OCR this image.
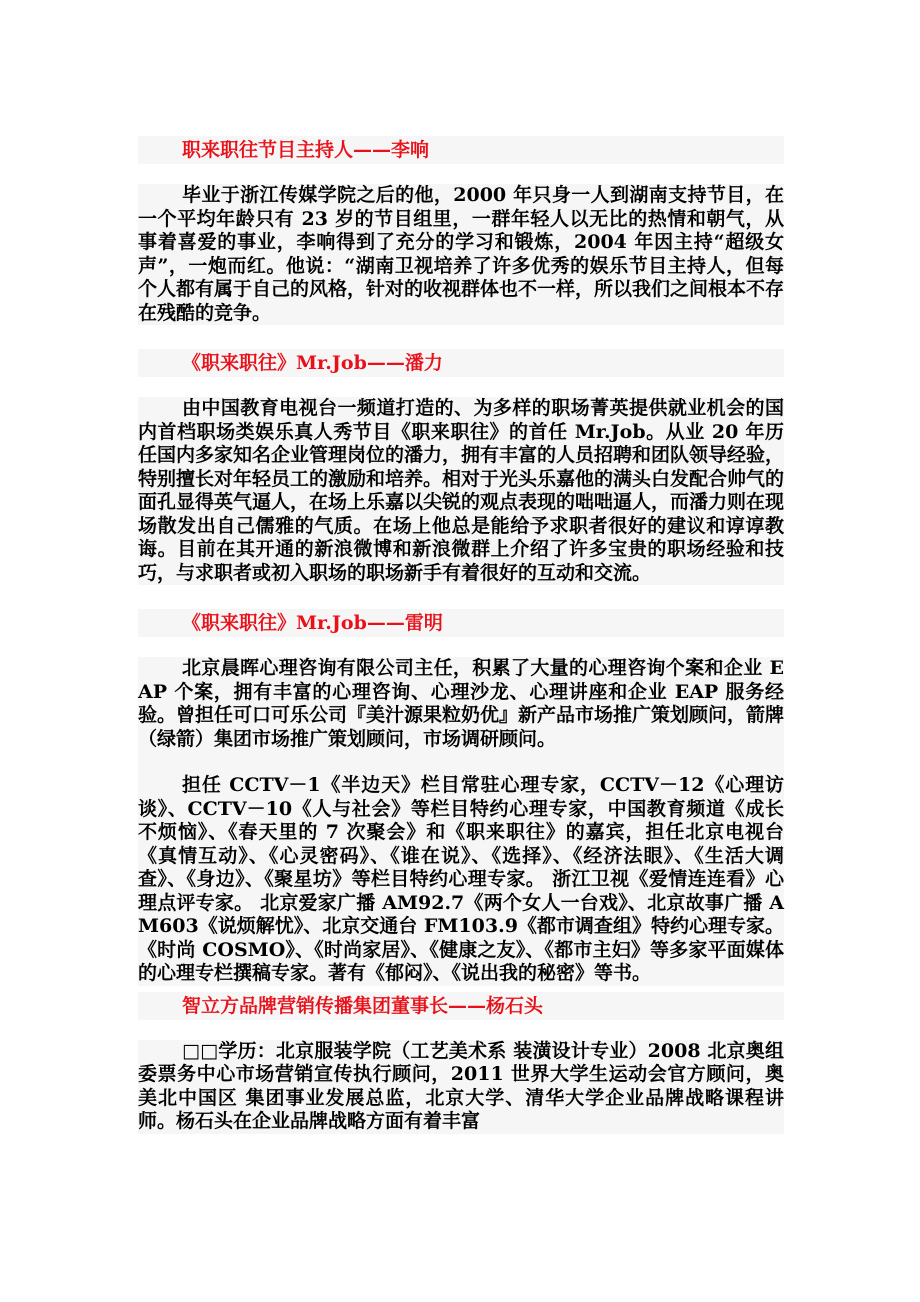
职来职往节目主持人——李响

毕业于浙江传媒学院之后的他，2000 年只身一人到湖南支持节目，在一个平均年龄只有 23 岁的节目组里，一群年轻人以无比的热情和朝气，从事着喜爱的事业，李响得到了充分的学习和锻炼，2004 年因主持“超级女声”，一炮而红。他说：“湖南卫视培养了许多优秀的娱乐节目主持人，但每个人都有属于自己的风格，针对的收视群体也不一样，所以我们之间根本不存在残酷的竞争。

《职来职往》Mr.Job——潘力

由中国教育电视台一频道打造的、为多样的职场菁英提供就业机会的国内首档职场类娱乐真人秀节目《职来职往》的首任 Mr.Job。从业 20 年历任国内多家知名企业管理岗位的潘力，拥有丰富的人员招聘和团队领导经验，特别擅长对年轻员工的激励和培养。相对于光头乐嘉他的满头白发配合帅气的面孔显得英气逼人，在场上乐嘉以尖锐的观点表现的咄咄逼人，而潘力则在现场散发出自己儒雅的气质。在场上他总是能给予求职者很好的建议和谆谆教诲。目前在其开通的新浪微博和新浪微群上介绍了许多宝贵的职场经验和技巧，与求职者或初入职场的职场新手有着很好的互动和交流。

《职来职往》Mr.Job——雷明

北京晨晖心理咨询有限公司主任，积累了大量的心理咨询个案和企业 EAP 个案，拥有丰富的心理咨询、心理沙龙、心理讲座和企业 EAP 服务经验。曾担任可口可乐公司『美汁源果粒奶优』新产品市场推广策划顾问，箭牌（绿箭）集团市场推广策划顾问，市场调研顾问。

担任 CCTV－1《半边天》栏目常驻心理专家，CCTV－12《心理访谈》、CCTV－10《人与社会》等栏目特约心理专家，中国教育频道《成长不烦恼》、《春天里的 7 次聚会》和《职来职往》的嘉宾，担任北京电视台《真情互动》、《心灵密码》、《谁在说》、《选择》、《经济法眼》、《生活大调查》、《身边》、《聚星坊》等栏目特约心理专家。 浙江卫视《爱情连连看》心理点评专家。 北京爱家广播 AM92.7《两个女人一台戏》、北京故事广播 AM603《说烦解忧》、北京交通台 FM103.9《都市调查组》特约心理专家。《时尚 COSMO》、《时尚家居》、《健康之友》、《都市主妇》等多家平面媒体的心理专栏撰稿专家。著有《郁闷》、《说出我的秘密》等书。

智立方品牌营销传播集团董事长——杨石头

□□学历：北京服装学院（工艺美术系 装潢设计专业）2008 北京奥组委票务中心市场营销宣传执行顾问，2011 世界大学生运动会官方顾问，奥美北中国区 集团事业发展总监，北京大学、清华大学企业品牌战略课程讲师。杨石头在企业品牌战略方面有着丰富
